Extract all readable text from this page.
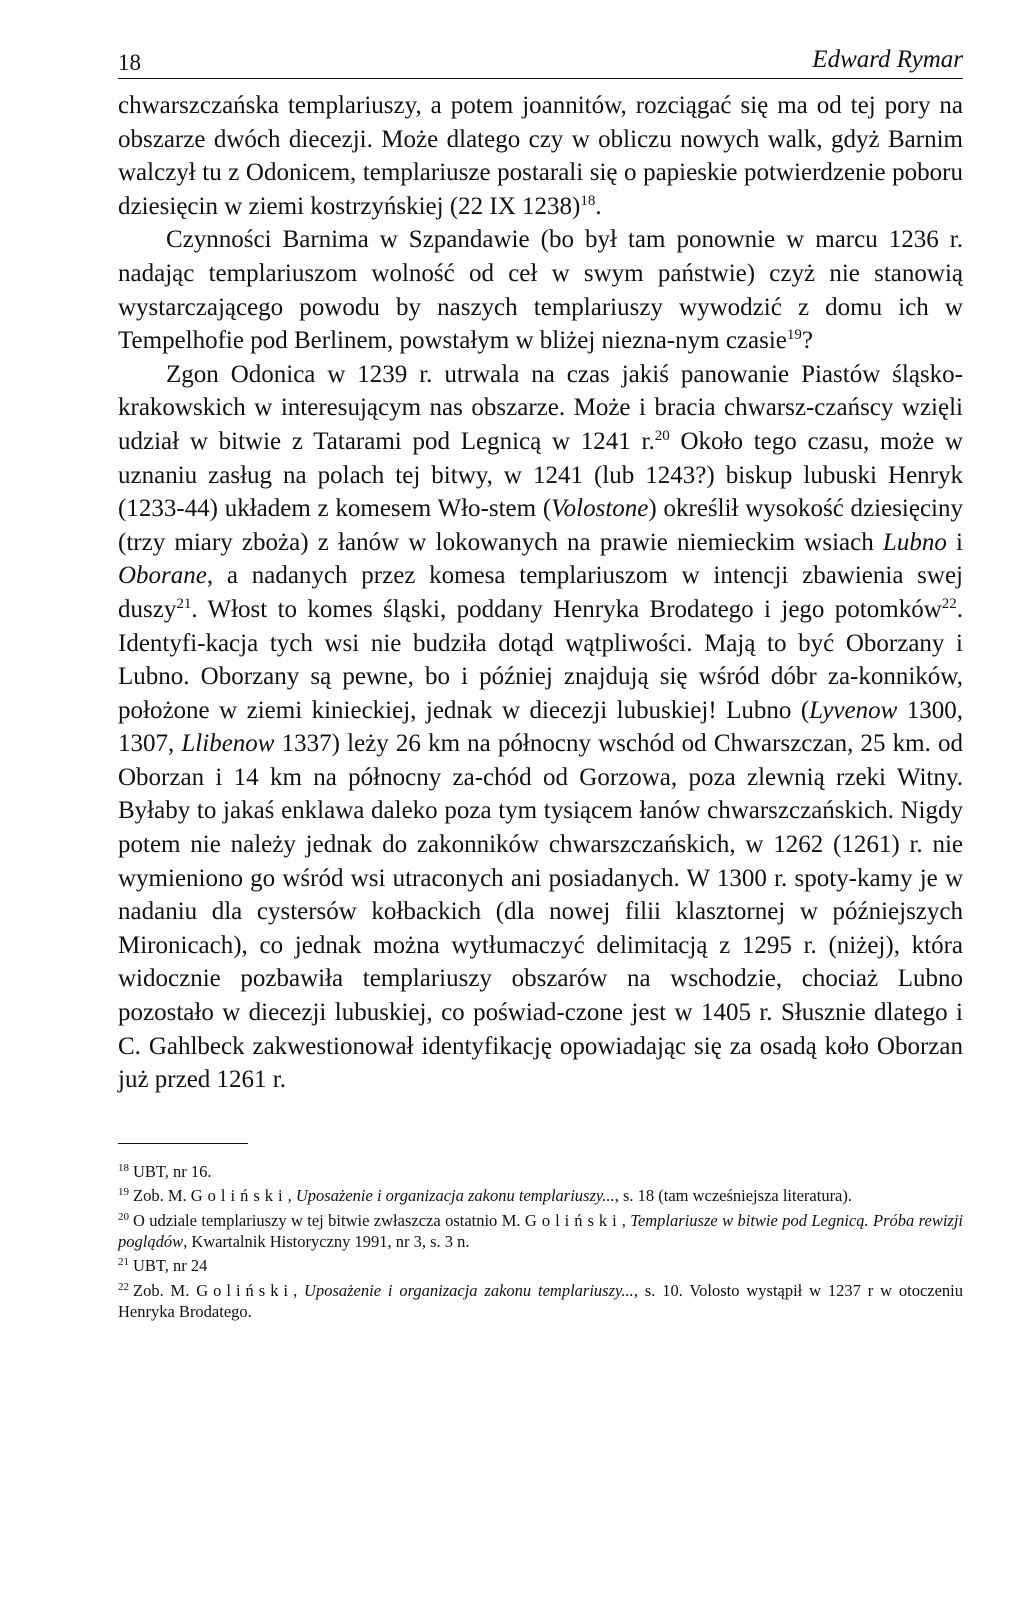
18	Edward Rymar

chwarszczańska templariuszy, a potem joannitów, rozciągać się ma od tej pory na obszarze dwóch diecezji. Może dlatego czy w obliczu nowych walk, gdyż Barnim walczył tu z Odonicem, templariusze postarali się o papieskie potwierdzenie poboru dziesięcin w ziemi kostrzyńskiej (22 IX 1238)$^{18}$.

Czynności Barnima w Szpandawie (bo był tam ponownie w marcu 1236 r. nadając templariuszom wolność od ceł w swym państwie) czyż nie stanowią wystarczającego powodu by naszych templariuszy wywodzić z domu ich w Tempelhofie pod Berlinem, powstałym w bliżej niezna-nym czasie$^{19}$?

Zgon Odonica w 1239 r. utrwala na czas jakiś panowanie Piastów śląsko-krakowskich w interesującym nas obszarze. Może i bracia chwarsz-czańscy wzięli udział w bitwie z Tatarami pod Legnicą w 1241 r.$^{20}$ Około tego czasu, może w uznaniu zasług na polach tej bitwy, w 1241 (lub 1243?) biskup lubuski Henryk (1233-44) układem z komesem Wło-stem (Volostone) określił wysokość dziesięciny (trzy miary zboża) z łanów w lokowanych na prawie niemieckim wsiach Lubno i Oborane, a nadanych przez komesa templariuszom w intencji zbawienia swej duszy$^{21}$. Włost to komes śląski, poddany Henryka Brodatego i jego potomków$^{22}$. Identyfi-kacja tych wsi nie budziła dotąd wątpliwości. Mają to być Oborzany i Lubno. Oborzany są pewne, bo i później znajdują się wśród dóbr za-konników, położone w ziemi kinieckiej, jednak w diecezji lubuskiej! Lubno (Lyvenow 1300, 1307, Llibenow 1337) leży 26 km na północny wschód od Chwarszczan, 25 km. od Oborzan i 14 km na północny za-chód od Gorzowa, poza zlewnią rzeki Witny. Byłaby to jakaś enklawa daleko poza tym tysiącem łanów chwarszczańskich. Nigdy potem nie należy jednak do zakonników chwarszczańskich, w 1262 (1261) r. nie wymieniono go wśród wsi utraconych ani posiadanych. W 1300 r. spoty-kamy je w nadaniu dla cystersów kołbackich (dla nowej filii klasztornej w późniejszych Mironicach), co jednak można wytłumaczyć delimitacją z 1295 r. (niżej), która widocznie pozbawiła templariuszy obszarów na wschodzie, chociaż Lubno pozostało w diecezji lubuskiej, co poświad-czone jest w 1405 r. Słusznie dlatego i C. Gahlbeck zakwestionował identyfikację opowiadając się za osadą koło Oborzan już przed 1261 r.

$^{18}$ UBT, nr 16.
$^{19}$ Zob. M. Goliński, Uposażenie i organizacja zakonu templariuszy..., s. 18 (tam wcześniejsza literatura).
$^{20}$ O udziale templariuszy w tej bitwie zwłaszcza ostatnio M. Goliński, Templariusze w bitwie pod Legnicą. Próba rewizji poglądów, Kwartalnik Historyczny 1991, nr 3, s. 3 n.
$^{21}$ UBT, nr 24
$^{22}$ Zob. M. Goliński, Uposażenie i organizacja zakonu templariuszy..., s. 10. Volosto wystąpił w 1237 r w otoczeniu Henryka Brodatego.
